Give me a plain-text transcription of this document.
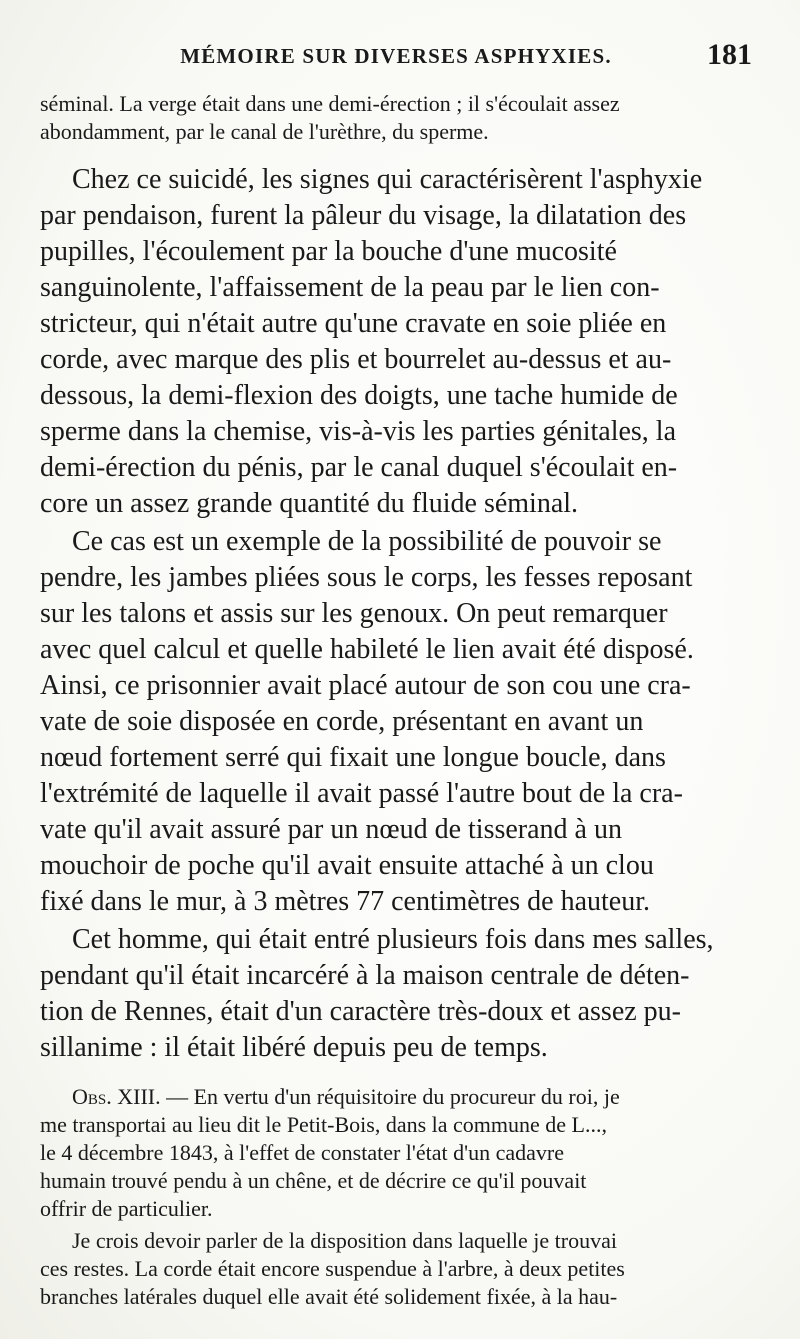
MÉMOIRE SUR DIVERSES ASPHYXIES.	181
séminal. La verge était dans une demi-érection ; il s'écoulait assez
abondamment, par le canal de l'urèthre, du sperme.
Chez ce suicidé, les signes qui caractérisèrent l'asphyxie
par pendaison, furent la pâleur du visage, la dilatation des
pupilles, l'écoulement par la bouche d'une mucosité
sanguinolente, l'affaissement de la peau par le lien con-
stricteur, qui n'était autre qu'une cravate en soie pliée en
corde, avec marque des plis et bourrelet au-dessus et au-
dessous, la demi-flexion des doigts, une tache humide de
sperme dans la chemise, vis-à-vis les parties génitales, la
demi-érection du pénis, par le canal duquel s'écoulait en-
core un assez grande quantité du fluide séminal.
Ce cas est un exemple de la possibilité de pouvoir se
pendre, les jambes pliées sous le corps, les fesses reposant
sur les talons et assis sur les genoux. On peut remarquer
avec quel calcul et quelle habileté le lien avait été disposé.
Ainsi, ce prisonnier avait placé autour de son cou une cra-
vate de soie disposée en corde, présentant en avant un
nœud fortement serré qui fixait une longue boucle, dans
l'extrémité de laquelle il avait passé l'autre bout de la cra-
vate qu'il avait assuré par un nœud de tisserand à un
mouchoir de poche qu'il avait ensuite attaché à un clou
fixé dans le mur, à 3 mètres 77 centimètres de hauteur.
Cet homme, qui était entré plusieurs fois dans mes salles,
pendant qu'il était incarcéré à la maison centrale de déten-
tion de Rennes, était d'un caractère très-doux et assez pu-
sillanime : il était libéré depuis peu de temps.
Obs. XIII. — En vertu d'un réquisitoire du procureur du roi, je
me transportai au lieu dit le Petit-Bois, dans la commune de L...,
le 4 décembre 1843, à l'effet de constater l'état d'un cadavre
humain trouvé pendu à un chêne, et de décrire ce qu'il pouvait
offrir de particulier.
Je crois devoir parler de la disposition dans laquelle je trouvai
ces restes. La corde était encore suspendue à l'arbre, à deux petites
branches latérales duquel elle avait été solidement fixée, à la hau-
